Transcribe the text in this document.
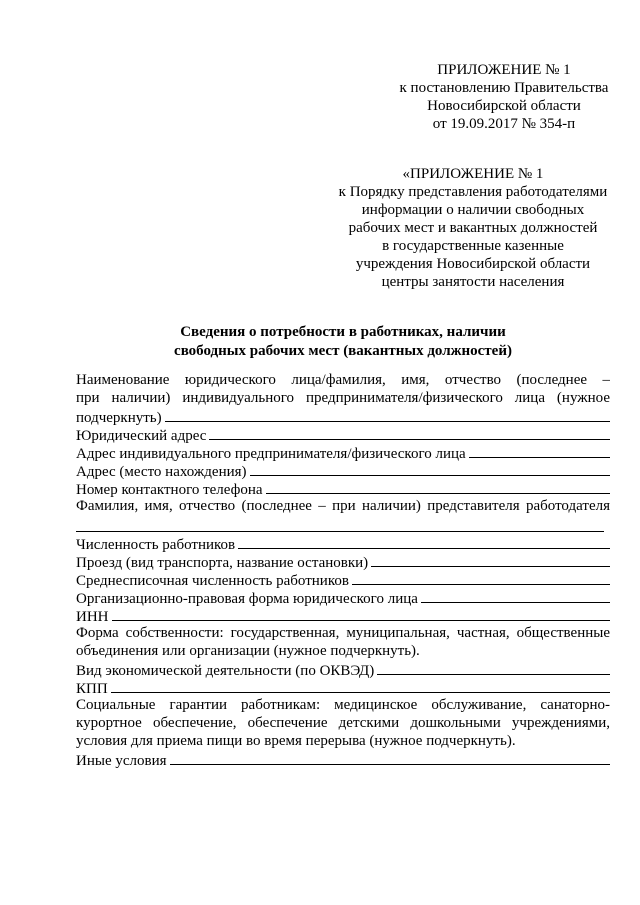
ПРИЛОЖЕНИЕ № 1
к постановлению Правительства
Новосибирской области
от 19.09.2017 № 354-п
«ПРИЛОЖЕНИЕ № 1
к Порядку представления работодателями
информации о наличии свободных
рабочих мест и вакантных должностей
в государственные казенные
учреждения Новосибирской области
центры занятости населения
Сведения о потребности в работниках, наличии
свободных рабочих мест (вакантных должностей)
Наименование юридического лица/фамилия, имя, отчество (последнее –
при наличии) индивидуального предпринимателя/физического лица (нужное
подчеркнуть)
Юридический адрес
Адрес индивидуального предпринимателя/физического лица
Адрес (место нахождения)
Номер контактного телефона
Фамилия, имя, отчество (последнее – при наличии) представителя работодателя
Численность работников
Проезд (вид транспорта, название остановки)
Среднесписочная численность работников
Организационно-правовая форма юридического лица
ИНН
Форма собственности: государственная, муниципальная, частная, общественные
объединения или организации (нужное подчеркнуть).
Вид экономической деятельности (по ОКВЭД)
КПП
Социальные гарантии работникам: медицинское обслуживание, санаторно-
курортное обеспечение, обеспечение детскими дошкольными учреждениями,
условия для приема пищи во время перерыва (нужное подчеркнуть).
Иные условия
